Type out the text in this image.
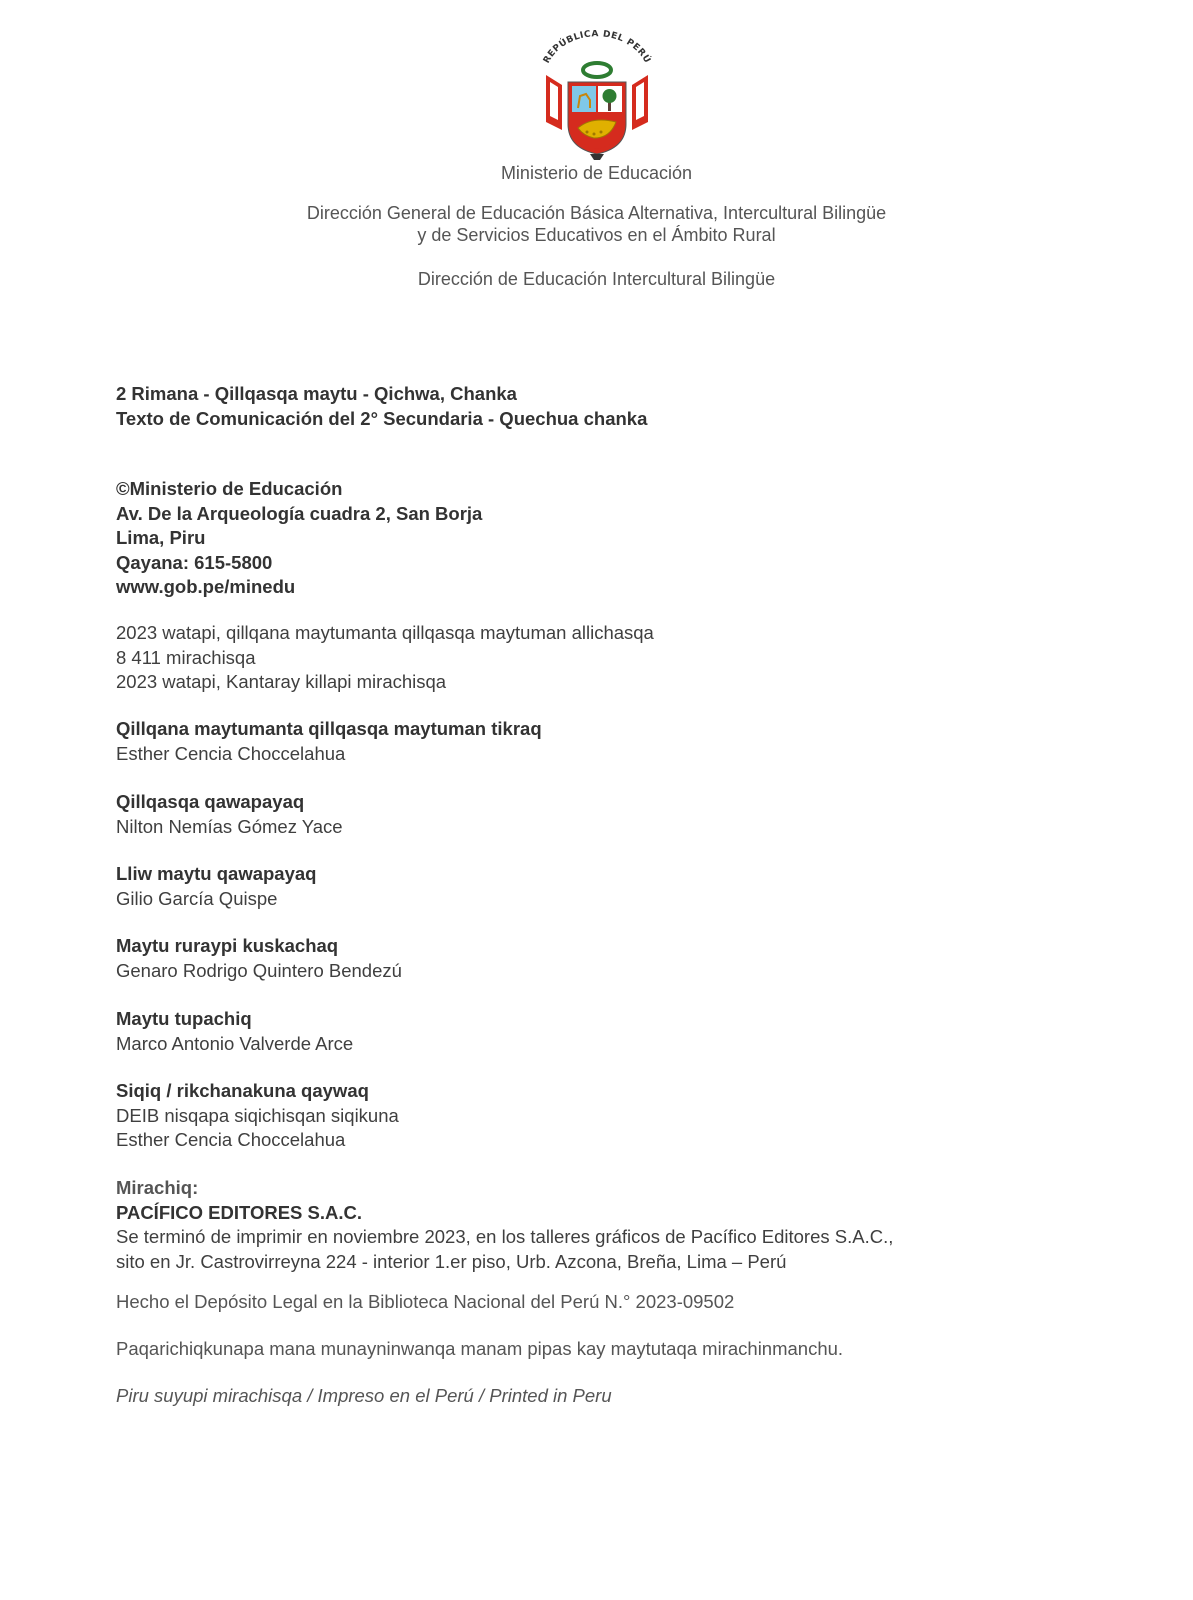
REPÚBLICA DEL PERÚ
Ministerio de Educación
Dirección General de Educación Básica Alternativa, Intercultural Bilingüe
y de Servicios Educativos en el Ámbito Rural
Dirección de Educación Intercultural Bilingüe
2 Rimana - Qillqasqa maytu - Qichwa, Chanka
Texto de Comunicación del 2° Secundaria - Quechua chanka
©Ministerio de Educación
Av. De la Arqueología cuadra 2, San Borja
Lima, Piru
Qayana: 615-5800
www.gob.pe/minedu
2023 watapi, qillqana maytumanta qillqasqa maytuman allichasqa
8 411 mirachisqa
2023 watapi, Kantaray killapi mirachisqa
Qillqana maytumanta qillqasqa maytuman tikraq
Esther Cencia Choccelahua
Qillqasqa qawapayaq
Nilton Nemías Gómez Yace
Lliw maytu qawapayaq
Gilio García Quispe
Maytu ruraypi kuskachaq
Genaro Rodrigo Quintero Bendezú
Maytu tupachiq
Marco Antonio Valverde Arce
Siqiq / rikchanakuna qaywaq
DEIB nisqapa siqichisqan siqikuna
Esther Cencia Choccelahua
Mirachiq:
PACÍFICO EDITORES S.A.C.
Se terminó de imprimir en noviembre 2023, en los talleres gráficos de Pacífico Editores S.A.C.,
sito en Jr. Castrovirreyna 224 - interior 1.er piso, Urb. Azcona, Breña, Lima – Perú
Hecho el Depósito Legal en la Biblioteca Nacional del Perú N.° 2023-09502
Paqarichiqkunapa mana munayninwanqa manam pipas kay maytutaqa mirachinmanchu.
Piru suyupi mirachisqa / Impreso en el Perú / Printed in Peru
